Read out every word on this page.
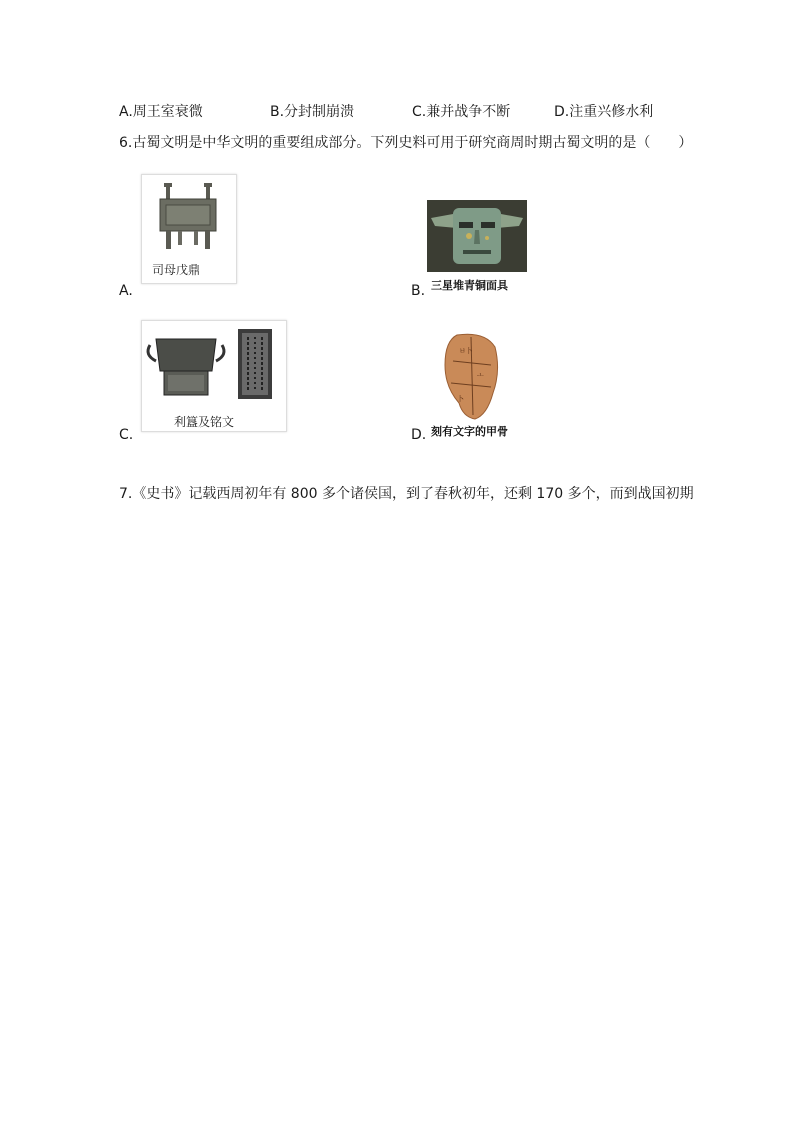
A.周王室衰微	B.分封制崩溃	C.兼并战争不断	D.注重兴修水利
6.古蜀文明是中华文明的重要组成部分。下列史料可用于研究商周时期古蜀文明的是（　　）
A.
司母戊鼎
B. 三星堆青铜面具
C.
利簋及铭文
D.
ㅂ卜
ㅗ
卜
刻有文字的甲骨
7.《史书》记载西周初年有 800 多个诸侯国，到了春秋初年，还剩 170 多个，而到战国初期
